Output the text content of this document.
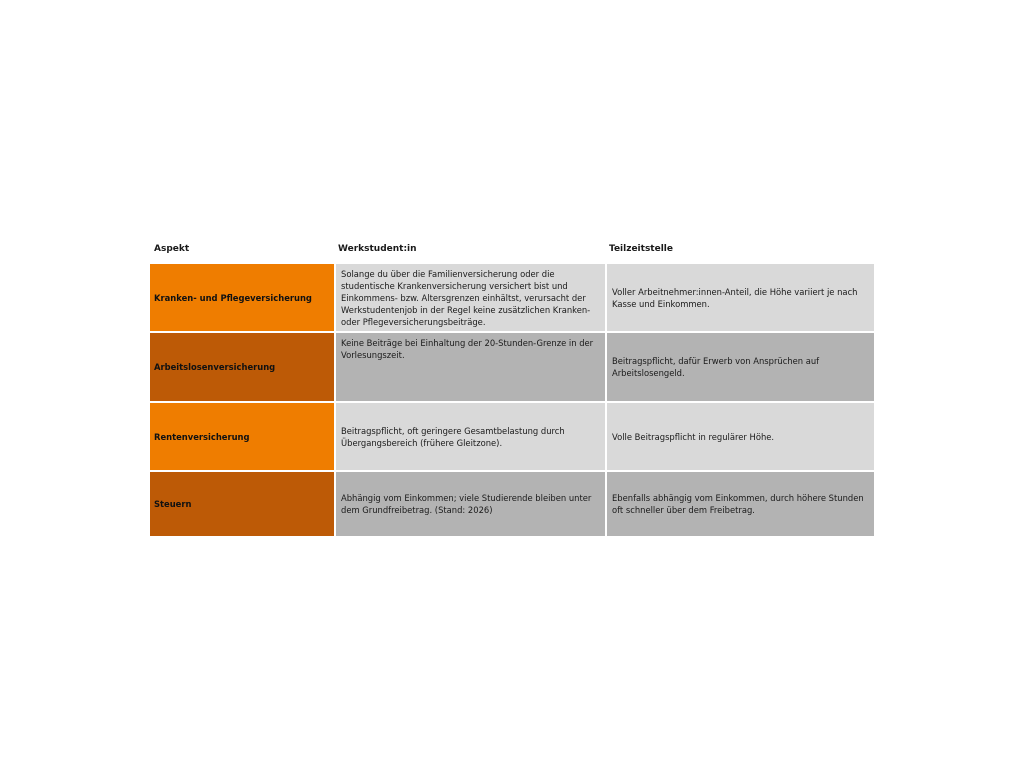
Aspekt	Werkstudent:in	Teilzeitstelle
Kranken- und Pflegeversicherung
Solange du über die Familienversicherung oder die studentische Krankenversicherung versichert bist und Einkommens- bzw. Altersgrenzen einhältst, verursacht der Werkstudentenjob in der Regel keine zusätzlichen Kranken- oder Pflegeversicherungsbeiträge.
Voller Arbeitnehmer:innen-Anteil, die Höhe variiert je nach Kasse und Einkommen.
Arbeitslosenversicherung
Keine Beiträge bei Einhaltung der 20-Stunden-Grenze in der Vorlesungszeit.
Beitragspflicht, dafür Erwerb von Ansprüchen auf Arbeitslosengeld.
Rentenversicherung
Beitragspflicht, oft geringere Gesamtbelastung durch Übergangsbereich (frühere Gleitzone).
Volle Beitragspflicht in regulärer Höhe.
Steuern
Abhängig vom Einkommen; viele Studierende bleiben unter dem Grundfreibetrag. (Stand: 2026)
Ebenfalls abhängig vom Einkommen, durch höhere Stunden oft schneller über dem Freibetrag.
